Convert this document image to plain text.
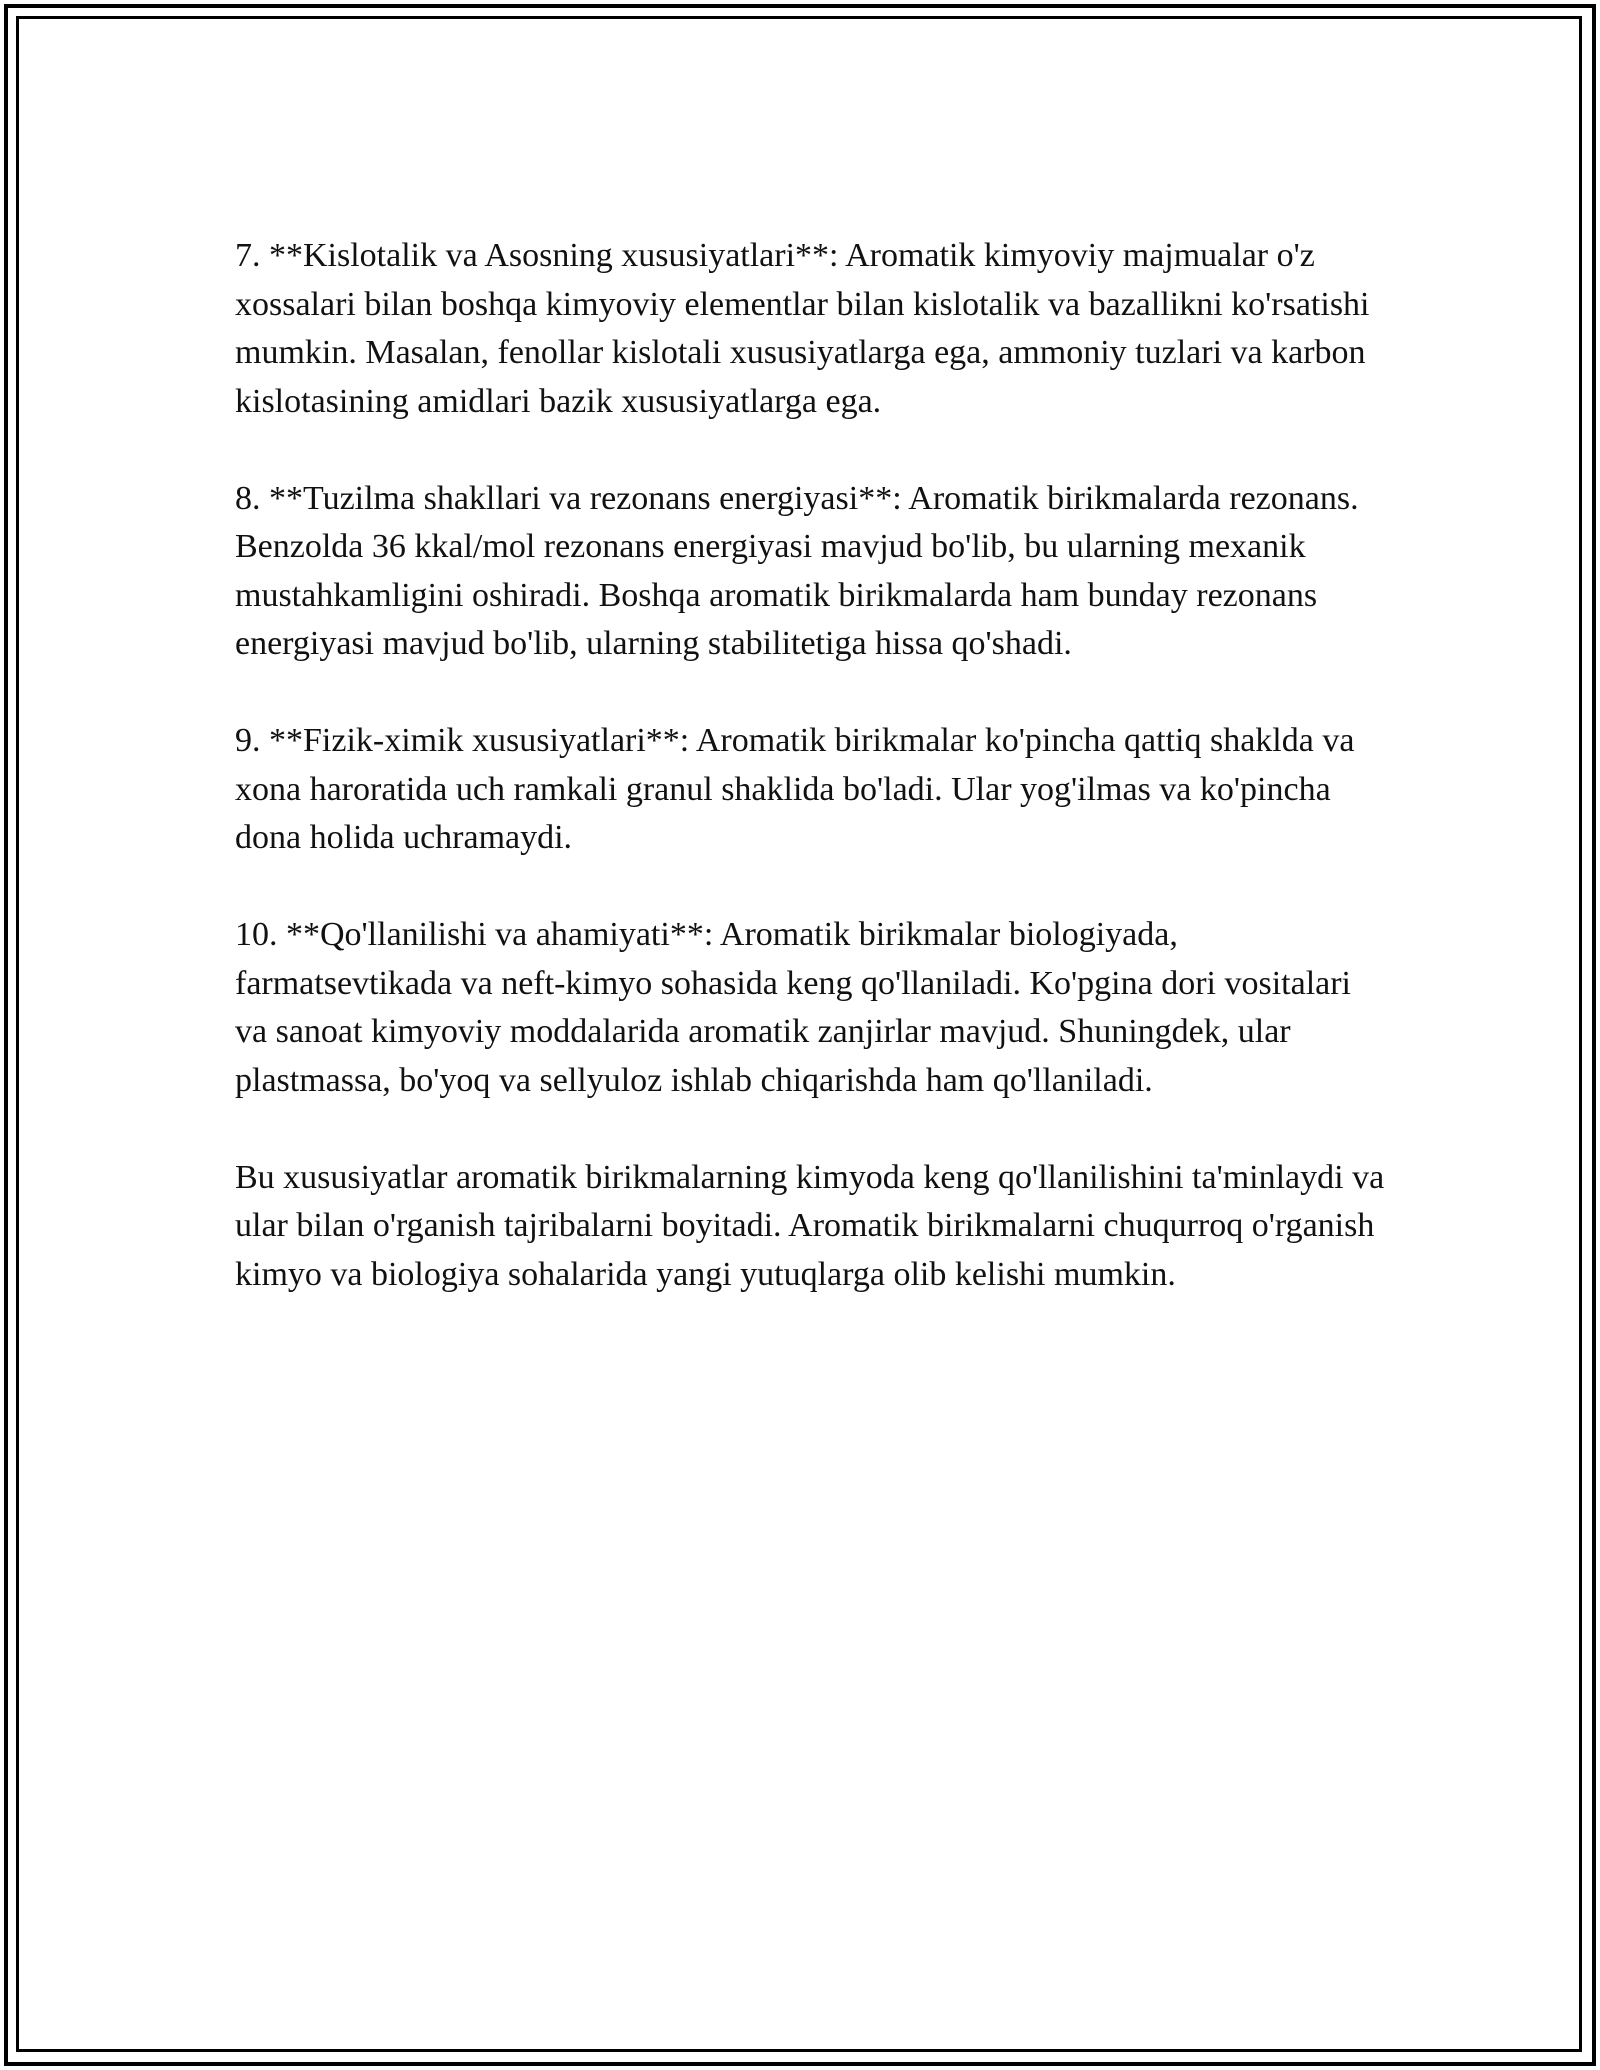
7. **Kislotalik va Asosning xususiyatlari**: Aromatik kimyoviy majmualar o'z xossalari bilan boshqa kimyoviy elementlar bilan kislotalik va bazallikni ko'rsatishi mumkin. Masalan, fenollar kislotali xususiyatlarga ega, ammoniy tuzlari va karbon kislotasining amidlari bazik xususiyatlarga ega.

8. **Tuzilma shakllari va rezonans energiyasi**: Aromatik birikmalarda rezonans. Benzolda 36 kkal/mol rezonans energiyasi mavjud bo'lib, bu ularning mexanik mustahkamligini oshiradi. Boshqa aromatik birikmalarda ham bunday rezonans energiyasi mavjud bo'lib, ularning stabilitetiga hissa qo'shadi.

9. **Fizik-ximik xususiyatlari**: Aromatik birikmalar ko'pincha qattiq shaklda va xona haroratida uch ramkali granul shaklida bo'ladi. Ular yog'ilmas va ko'pincha dona holida uchramaydi.

10. **Qo'llanilishi va ahamiyati**: Aromatik birikmalar biologiyada, farmatsevtikada va neft-kimyo sohasida keng qo'llaniladi. Ko'pgina dori vositalari va sanoat kimyoviy moddalarida aromatik zanjirlar mavjud. Shuningdek, ular plastmassa, bo'yoq va sellyuloz ishlab chiqarishda ham qo'llaniladi.

Bu xususiyatlar aromatik birikmalarning kimyoda keng qo'llanilishini ta'minlaydi va ular bilan o'rganish tajribalarni boyitadi. Aromatik birikmalarni chuqurroq o'rganish kimyo va biologiya sohalarida yangi yutuqlarga olib kelishi mumkin.
